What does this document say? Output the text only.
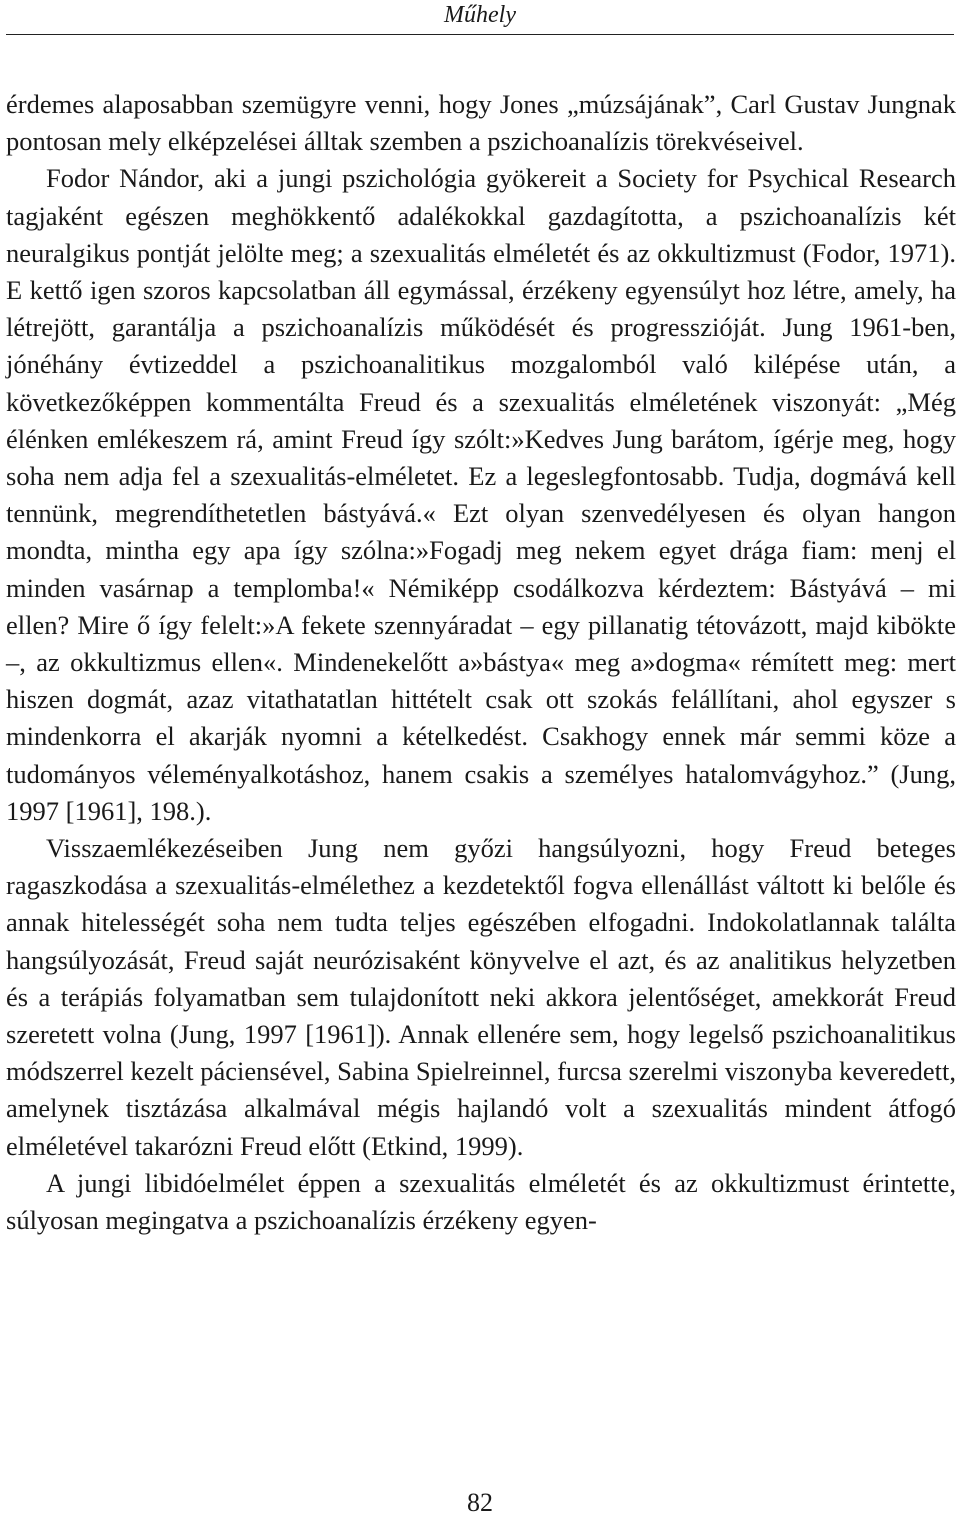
Műhely

érdemes alaposabban szemügyre venni, hogy Jones „múzsájának”, Carl Gustav Jungnak pontosan mely elképzelései álltak szemben a pszichoanalízis törekvéseivel.

Fodor Nándor, aki a jungi pszichológia gyökereit a Society for Psychical Research tagjaként egészen meghökkentő adalékokkal gazdagította, a pszichoanalízis két neuralgikus pontját jelölte meg; a szexualitás elméletét és az okkultizmust (Fodor, 1971). E kettő igen szoros kapcsolatban áll egymással, érzékeny egyensúlyt hoz létre, amely, ha létrejött, garantálja a pszichoanalízis működését és progresszióját. Jung 1961-ben, jónéhány évtizeddel a pszichoanalitikus mozgalomból való kilépése után, a következőképpen kommentálta Freud és a szexualitás elméletének viszonyát: „Még élénken emlékeszem rá, amint Freud így szólt:»Kedves Jung barátom, ígérje meg, hogy soha nem adja fel a szexualitás-elméletet. Ez a legeslegfontosabb. Tudja, dogmává kell tennünk, megrendíthetetlen bástyává.« Ezt olyan szenvedélyesen és olyan hangon mondta, mintha egy apa így szólna:»Fogadj meg nekem egyet drága fiam: menj el minden vasárnap a templomba!« Némiképp csodálkozva kérdeztem: Bástyává – mi ellen? Mire ő így felelt:»A fekete szennyáradat – egy pillanatig tétovázott, majd kibökte –, az okkultizmus ellen«. Mindenekelőtt a»bástya« meg a»dogma« rémített meg: mert hiszen dogmát, azaz vitathatatlan hittételt csak ott szokás felállítani, ahol egyszer s mindenkorra el akarják nyomni a kételkedést. Csakhogy ennek már semmi köze a tudományos véleményalkotáshoz, hanem csakis a személyes hatalomvágyhoz.” (Jung, 1997 [1961], 198.).

Visszaemlékezéseiben Jung nem győzi hangsúlyozni, hogy Freud beteges ragaszkodása a szexualitás-elmélethez a kezdetektől fogva ellenállást váltott ki belőle és annak hitelességét soha nem tudta teljes egészében elfogadni. Indokolatlannak találta hangsúlyozását, Freud saját neurózisaként könyvelve el azt, és az analitikus helyzetben és a terápiás folyamatban sem tulajdonított neki akkora jelentőséget, amekkorát Freud szeretett volna (Jung, 1997 [1961]). Annak ellenére sem, hogy legelső pszichoanalitikus módszerrel kezelt páciensével, Sabina Spielreinnel, furcsa szerelmi viszonyba keveredett, amelynek tisztázása alkalmával mégis hajlandó volt a szexualitás mindent átfogó elméletével takarózni Freud előtt (Etkind, 1999).

A jungi libidóelmélet éppen a szexualitás elméletét és az okkultizmust érintette, súlyosan megingatva a pszichoanalízis érzékeny egyen-

82
